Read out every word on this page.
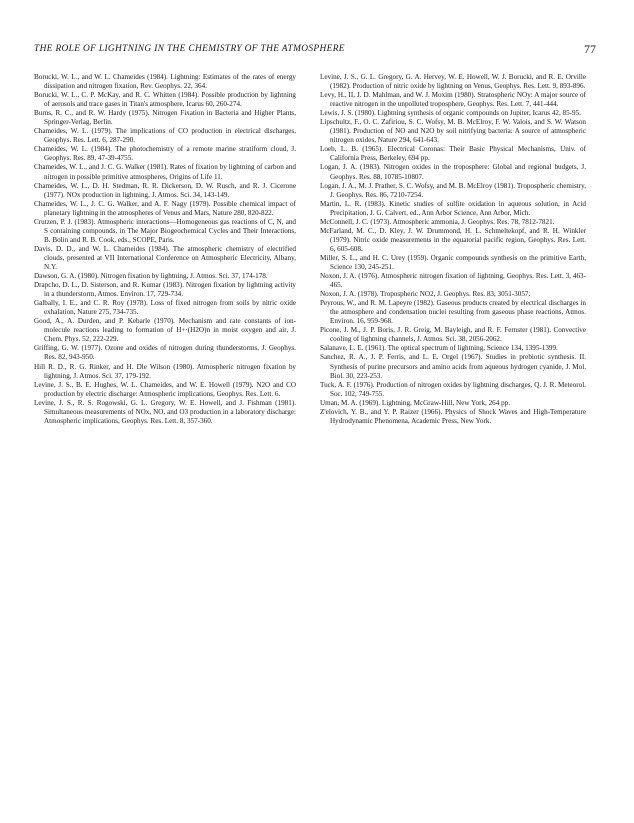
THE ROLE OF LIGHTNING IN THE CHEMISTRY OF THE ATMOSPHERE	77

Borucki, W. L., and W. L. Chameides (1984). Lightning: Estimates of the rates of energy dissipation and nitrogen fixation, Rev. Geophys. 22, 364.

Borucki, W. L., C. P. McKay, and R. C. Whitten (1984). Possible production by lightning of aerosols and trace gases in Titan's atmosphere, Icarus 60, 260-274.

Burns, R. C., and R. W. Hardy (1975). Nitrogen Fixation in Bacteria and Higher Plants, Springer-Verlag, Berlin.

Chameides, W. L. (1979). The implications of CO production in electrical discharges, Geophys. Res. Lett. 6, 287-290.

Chameides, W. L. (1984). The photochemistry of a remote marine stratiform cloud, J. Geophys. Res. 89, 47-39-4755.

Chameides, W. L., and J. C. G. Walker (1981). Rates of fixation by lightning of carbon and nitrogen in possible primitive atmospheres, Origins of Life 11.

Chameides, W. L., D. H. Stedman, R. R. Dickerson, D. W. Rusch, and R. J. Cicerone (1977). NOx production in lightning, J. Atmos. Sci. 34, 143-149.

Chameides, W. L., J. C. G. Walker, and A. F. Nagy (1979). Possible chemical impact of planetary lightning in the atmospheres of Venus and Mars, Nature 280, 820-822.

Crutzen, P. J. (1983). Atmospheric interactions—Homogeneous gas reactions of C, N, and S containing compounds, in The Major Biogeochemical Cycles and Their Interactions, B. Bolin and R. B. Cook, eds., SCOPE, Paris.

Davis, D. D., and W. L. Chameides (1984). The atmospheric chemistry of electrified clouds, presented at VII International Conference on Atmospheric Electricity, Albany, N.Y.

Dawson, G. A. (1980). Nitrogen fixation by lightning, J. Atmos. Sci. 37, 174-178.

Drapcho, D. L., D. Sisterson, and R. Kumar (1983). Nitrogen fixation by lightning activity in a thunderstorm, Atmos. Environ. 17, 729-734.

Galbally, I. E., and C. R. Roy (1978). Loss of fixed nitrogen from soils by nitric oxide exhalation, Nature 275, 734-735.

Good, A., A. Durden, and P. Kebarle (1970). Mechanism and rate constants of ion-molecule reactions leading to formation of H+·(H2O)n in moist oxygen and air, J. Chem. Phys. 52, 222-229.

Griffing, G. W. (1977). Ozone and oxides of nitrogen during thunderstorms, J. Geophys. Res. 82, 943-950.

Hill R. D., R. G. Rinker, and H. Dle Wilson (1980). Atmospheric nitrogen fixation by lightning, J. Atmos. Sci. 37, 179-192.

Levine, J. S., B. E. Hughes, W. L. Chameides, and W. E. Howell (1979). N2O and CO production by electric discharge: Atmospheric implications, Geophys. Res. Lett. 6.

Levine, J. S., R. S. Rogowski, G. L. Gregory, W. E. Howell, and J. Fishman (1981). Simultaneous measurements of NOx, NO, and O3 production in a laboratory discharge: Atmospheric implications, Geophys. Res. Lett. 8, 357-360.

Levine, J. S., G. L. Gregory, G. A. Hervey, W. E. Howell, W. J. Borucki, and R. E. Orville (1982). Production of nitric oxide by lightning on Venus, Geophys. Res. Lett. 9, 893-896.

Levy, H., II, J. D. Mahlman, and W. J. Moxim (1980). Stratospheric NOy: A major source of reactive nitrogen in the unpolluted troposphere, Geophys. Res. Lett. 7, 441-444.

Lewis, J. S. (1980). Lightning synthesis of organic compounds on Jupiter, Icarus 42, 85-95.

Lipschultz, F., O. C. Zafiriou, S. C. Wofsy, M. B. McElroy, F. W. Valois, and S. W. Watson (1981). Production of NO and N2O by soil nitrifying bacteria: A source of atmospheric nitrogen oxides, Nature 294, 641-643.

Loeb, L. B. (1965). Electrical Coronas: Their Basic Physical Mechanisms, Univ. of California Press, Berkeley, 694 pp.

Logan, J. A. (1983). Nitrogen oxides in the troposphere: Global and regional budgets, J. Geophys. Res. 88, 10785-10807.

Logan, J. A., M. J. Prather, S. C. Wofsy, and M. B. McElroy (1981). Tropospheric chemistry, J. Geophys. Res. 86, 7210-7254.

Martin, L. R. (1983). Kinetic studies of sulfite oxidation in aqueous solution, in Acid Precipitation, J. G. Calvert, ed., Ann Arbor Science, Ann Arbor, Mich.

McConnell, J. C. (1973). Atmospheric ammonia, J. Geophys. Res. 78, 7812-7821.

McFarland, M. C., D. Kley, J. W. Drummond, H. L. Schmeltekopf, and R. H. Winkler (1979). Nitric oxide measurements in the equatorial pacific region, Geophys. Res. Lett. 6, 605-608.

Miller, S. L., and H. C. Urey (1959). Organic compounds synthesis on the primitive Earth, Science 130, 245-251.

Noxon, J. A. (1976). Atmospheric nitrogen fixation of lightning, Geophys. Res. Lett. 3, 463-465.

Noxon, J. A. (1978). Tropospheric NO2, J. Geophys. Res. 83, 3051-3057.

Peyrous, W., and R. M. Lapeyre (1982). Gaseous products created by electrical discharges in the atmosphere and condensation nuclei resulting from gaseous phase reactions, Atmos. Environ. 16, 959-968.

Picone, J. M., J. P. Boris, J. R. Greig, M. Bayleigh, and R. F. Fernster (1981). Convective cooling of lightning channels, J. Atmos. Sci. 38, 2056-2062.

Salanave, L. E. (1961). The optical spectrum of lightning, Science 134, 1395-1399.

Sanchez, R. A., J. P. Ferris, and L. E. Orgel (1967). Studies in prebiotic synthesis. II. Synthesis of purine precursors and amino acids from aqueous hydrogen cyanide, J. Mol. Biol. 30, 223-253.

Tuck, A. F. (1976). Production of nitrogen oxides by lightning discharges, Q. J. R. Meteorol. Soc. 102, 749-755.

Uman, M. A. (1969). Lightning, McGraw-Hill, New York, 264 pp.

Z'elovich, Y. B., and Y. P. Raizer (1966). Physics of Shock Waves and High-Temperature Hydrodynamic Phenomena, Academic Press, New York.
